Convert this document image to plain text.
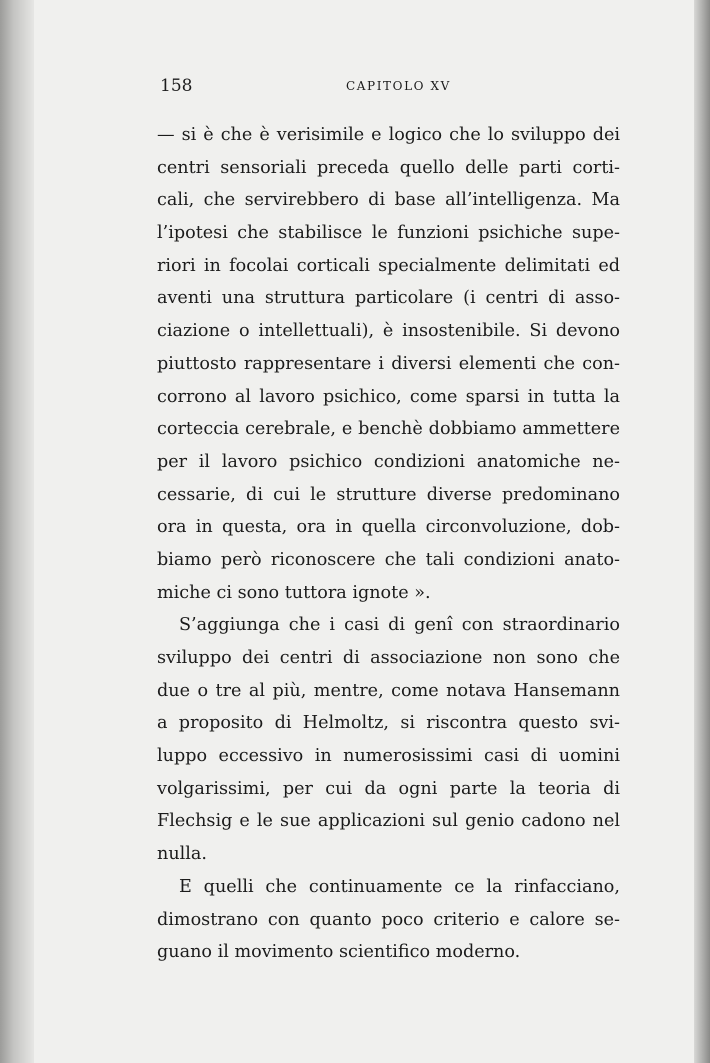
158	CAPITOLO XV
— si è che è verisimile e logico che lo sviluppo dei
centri sensoriali preceda quello delle parti corti-
cali, che servirebbero di base all’intelligenza. Ma
l’ipotesi che stabilisce le funzioni psichiche supe-
riori in focolai corticali specialmente delimitati ed
aventi una struttura particolare (i centri di asso-
ciazione o intellettuali), è insostenibile. Si devono
piuttosto rappresentare i diversi elementi che con-
corrono al lavoro psichico, come sparsi in tutta la
corteccia cerebrale, e benchè dobbiamo ammettere
per il lavoro psichico condizioni anatomiche ne-
cessarie, di cui le strutture diverse predominano
ora in questa, ora in quella circonvoluzione, dob-
biamo però riconoscere che tali condizioni anato-
miche ci sono tuttora ignote ».
S’aggiunga che i casi di genî con straordinario
sviluppo dei centri di associazione non sono che
due o tre al più, mentre, come notava Hansemann
a proposito di Helmoltz, si riscontra questo svi-
luppo eccessivo in numerosissimi casi di uomini
volgarissimi, per cui da ogni parte la teoria di
Flechsig e le sue applicazioni sul genio cadono nel
nulla.
E quelli che continuamente ce la rinfacciano,
dimostrano con quanto poco criterio e calore se-
guano il movimento scientifico moderno.
